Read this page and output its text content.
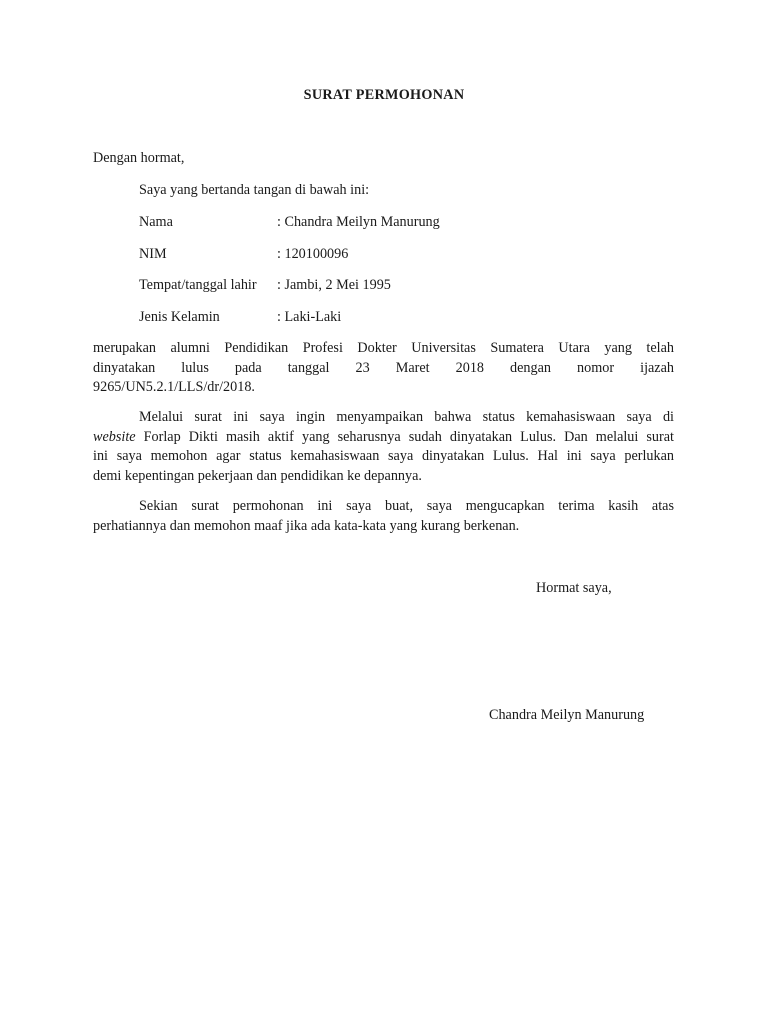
SURAT PERMOHONAN
Dengan hormat,
Saya yang bertanda tangan di bawah ini:
Nama	: Chandra Meilyn Manurung
NIM	: 120100096
Tempat/tanggal lahir : Jambi, 2 Mei 1995
Jenis Kelamin	: Laki-Laki
merupakan alumni Pendidikan Profesi Dokter Universitas Sumatera Utara yang telah
dinyatakan lulus pada tanggal 23 Maret 2018 dengan nomor ijazah
9265/UN5.2.1/LLS/dr/2018.
Melalui surat ini saya ingin menyampaikan bahwa status kemahasiswaan saya di
website Forlap Dikti masih aktif yang seharusnya sudah dinyatakan Lulus. Dan melalui surat
ini saya memohon agar status kemahasiswaan saya dinyatakan Lulus. Hal ini saya perlukan
demi kepentingan pekerjaan dan pendidikan ke depannya.
Sekian surat permohonan ini saya buat, saya mengucapkan terima kasih atas
perhatiannya dan memohon maaf jika ada kata-kata yang kurang berkenan.
Hormat saya,
Chandra Meilyn Manurung
